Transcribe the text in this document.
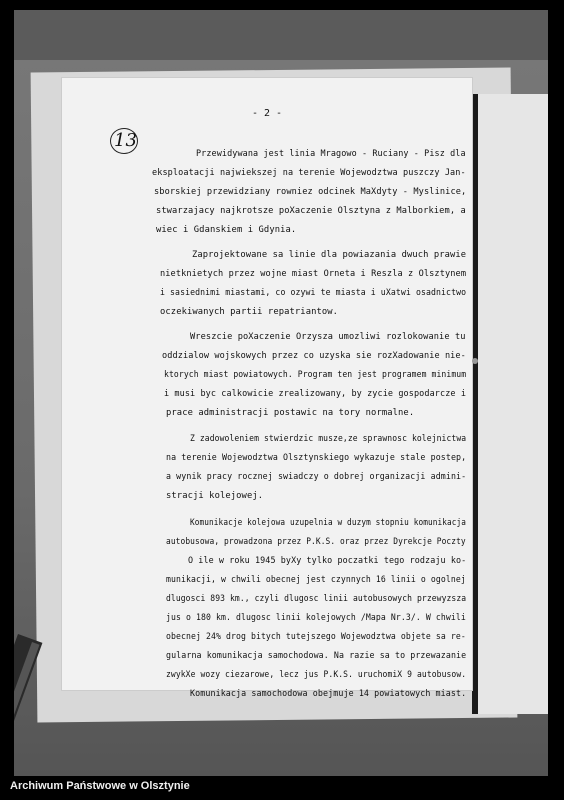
13
- 2 -
Przewidywana jest linia Mragowo - Ruciany - Pisz dla
eksploatacji najwiekszej na terenie Wojewodztwa puszczy Jan-
sborskiej przewidziany rowniez odcinek MaXdyty - Myslinice,
stwarzajacy najkrotsze poXaczenie Olsztyna z Malborkiem, a
wiec i Gdanskiem i Gdynia.
Zaprojektowane sa linie dla powiazania dwuch prawie
nietknietych przez wojne miast Orneta i Reszla z Olsztynem
i sasiednimi miastami, co ozywi te miasta i uXatwi osadnictwo
oczekiwanych partii repatriantow.
Wreszcie poXaczenie Orzysza umozliwi rozlokowanie tu
oddzialow wojskowych przez co uzyska sie rozXadowanie nie-
ktorych miast powiatowych. Program ten jest programem minimum
i musi byc calkowicie zrealizowany, by zycie gospodarcze i
prace administracji postawic na tory normalne.
Z zadowoleniem stwierdzic musze,ze sprawnosc kolejnictwa
na terenie Wojewodztwa Olsztynskiego wykazuje stale postep,
a wynik pracy rocznej swiadczy o dobrej organizacji admini-
stracji kolejowej.
Komunikacje kolejowa uzupelnia w duzym stopniu komunikacja
autobusowa, prowadzona przez P.K.S. oraz przez Dyrekcje Poczty
O ile w roku 1945 byXy tylko poczatki tego rodzaju ko-
munikacji, w chwili obecnej jest czynnych 16 linii o ogolnej
dlugosci 893 km., czyli dlugosc linii autobusowych przewyzsza
jus o 180 km. dlugosc linii kolejowych /Mapa Nr.3/. W chwili
obecnej 24% drog bitych tutejszego Wojewodztwa objete sa re-
gularna komunikacja samochodowa. Na razie sa to przewazanie
zwykXe wozy ciezarowe, lecz jus P.K.S. uruchomiX 9 autobusow.
Komunikacja samochodowa obejmuje 14 powiatowych miast.
Archiwum Państwowe w Olsztynie
